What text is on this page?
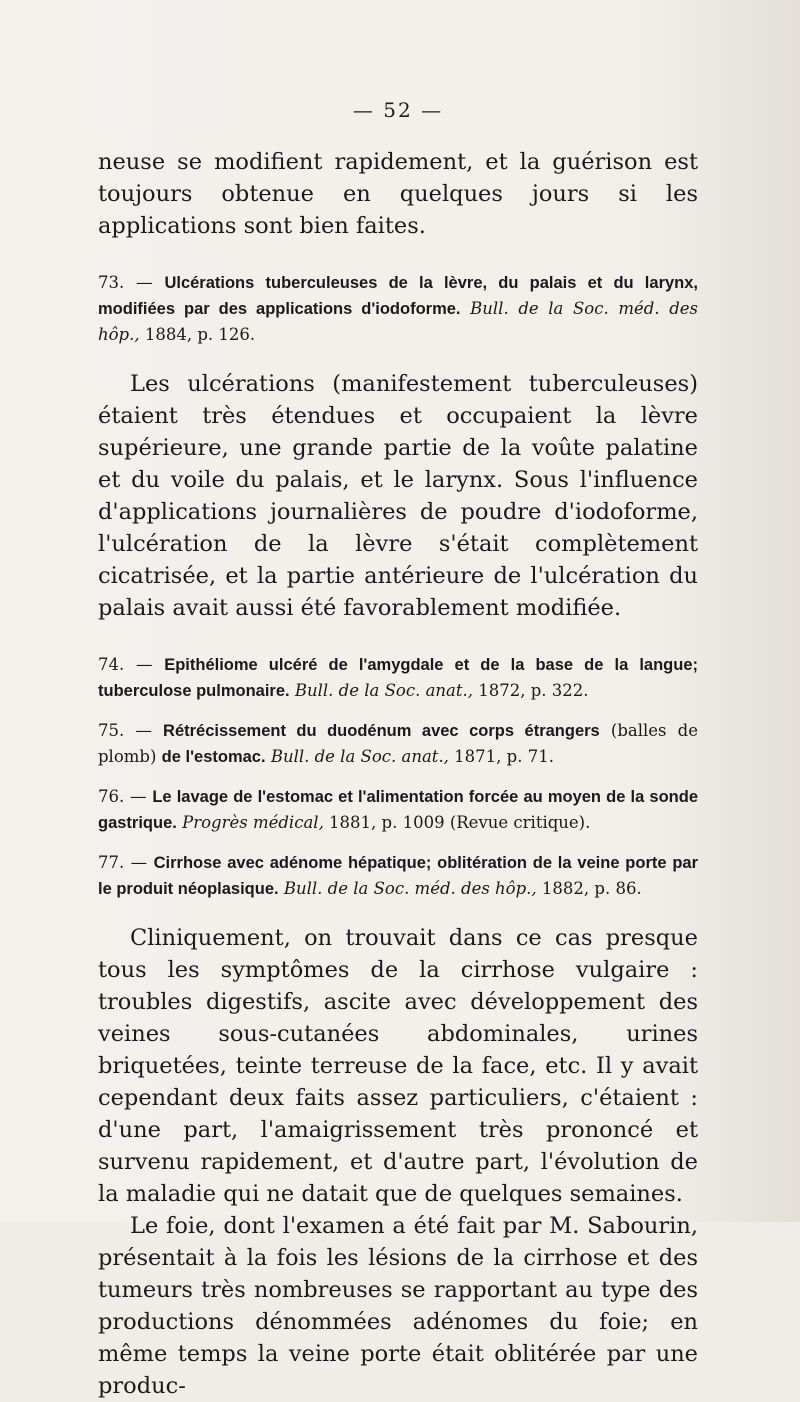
— 52 —

neuse se modifient rapidement, et la guérison est toujours obtenue en quelques jours si les applications sont bien faites.

73. — Ulcérations tuberculeuses de la lèvre, du palais et du larynx, modifiées par des applications d'iodoforme. Bull. de la Soc. méd. des hôp., 1884, p. 126.

Les ulcérations (manifestement tuberculeuses) étaient très étendues et occupaient la lèvre supérieure, une grande partie de la voûte palatine et du voile du palais, et le larynx. Sous l'influence d'applications journalières de poudre d'iodoforme, l'ulcération de la lèvre s'était complètement cicatrisée, et la partie antérieure de l'ulcération du palais avait aussi été favorablement modifiée.

74. — Epithéliome ulcéré de l'amygdale et de la base de la langue; tuberculose pulmonaire. Bull. de la Soc. anat., 1872, p. 322.

75. — Rétrécissement du duodénum avec corps étrangers (balles de plomb) de l'estomac. Bull. de la Soc. anat., 1871, p. 71.

76. — Le lavage de l'estomac et l'alimentation forcée au moyen de la sonde gastrique. Progrès médical, 1881, p. 1009 (Revue critique).

77. — Cirrhose avec adénome hépatique; oblitération de la veine porte par le produit néoplasique. Bull. de la Soc. méd. des hôp., 1882, p. 86.

Cliniquement, on trouvait dans ce cas presque tous les symptômes de la cirrhose vulgaire : troubles digestifs, ascite avec développement des veines sous-cutanées abdominales, urines briquetées, teinte terreuse de la face, etc. Il y avait cependant deux faits assez particuliers, c'étaient : d'une part, l'amaigrissement très prononcé et survenu rapidement, et d'autre part, l'évolution de la maladie qui ne datait que de quelques semaines.

Le foie, dont l'examen a été fait par M. Sabourin, présentait à la fois les lésions de la cirrhose et des tumeurs très nombreuses se rapportant au type des productions dénommées adénomes du foie; en même temps la veine porte était oblitérée par une produc-
